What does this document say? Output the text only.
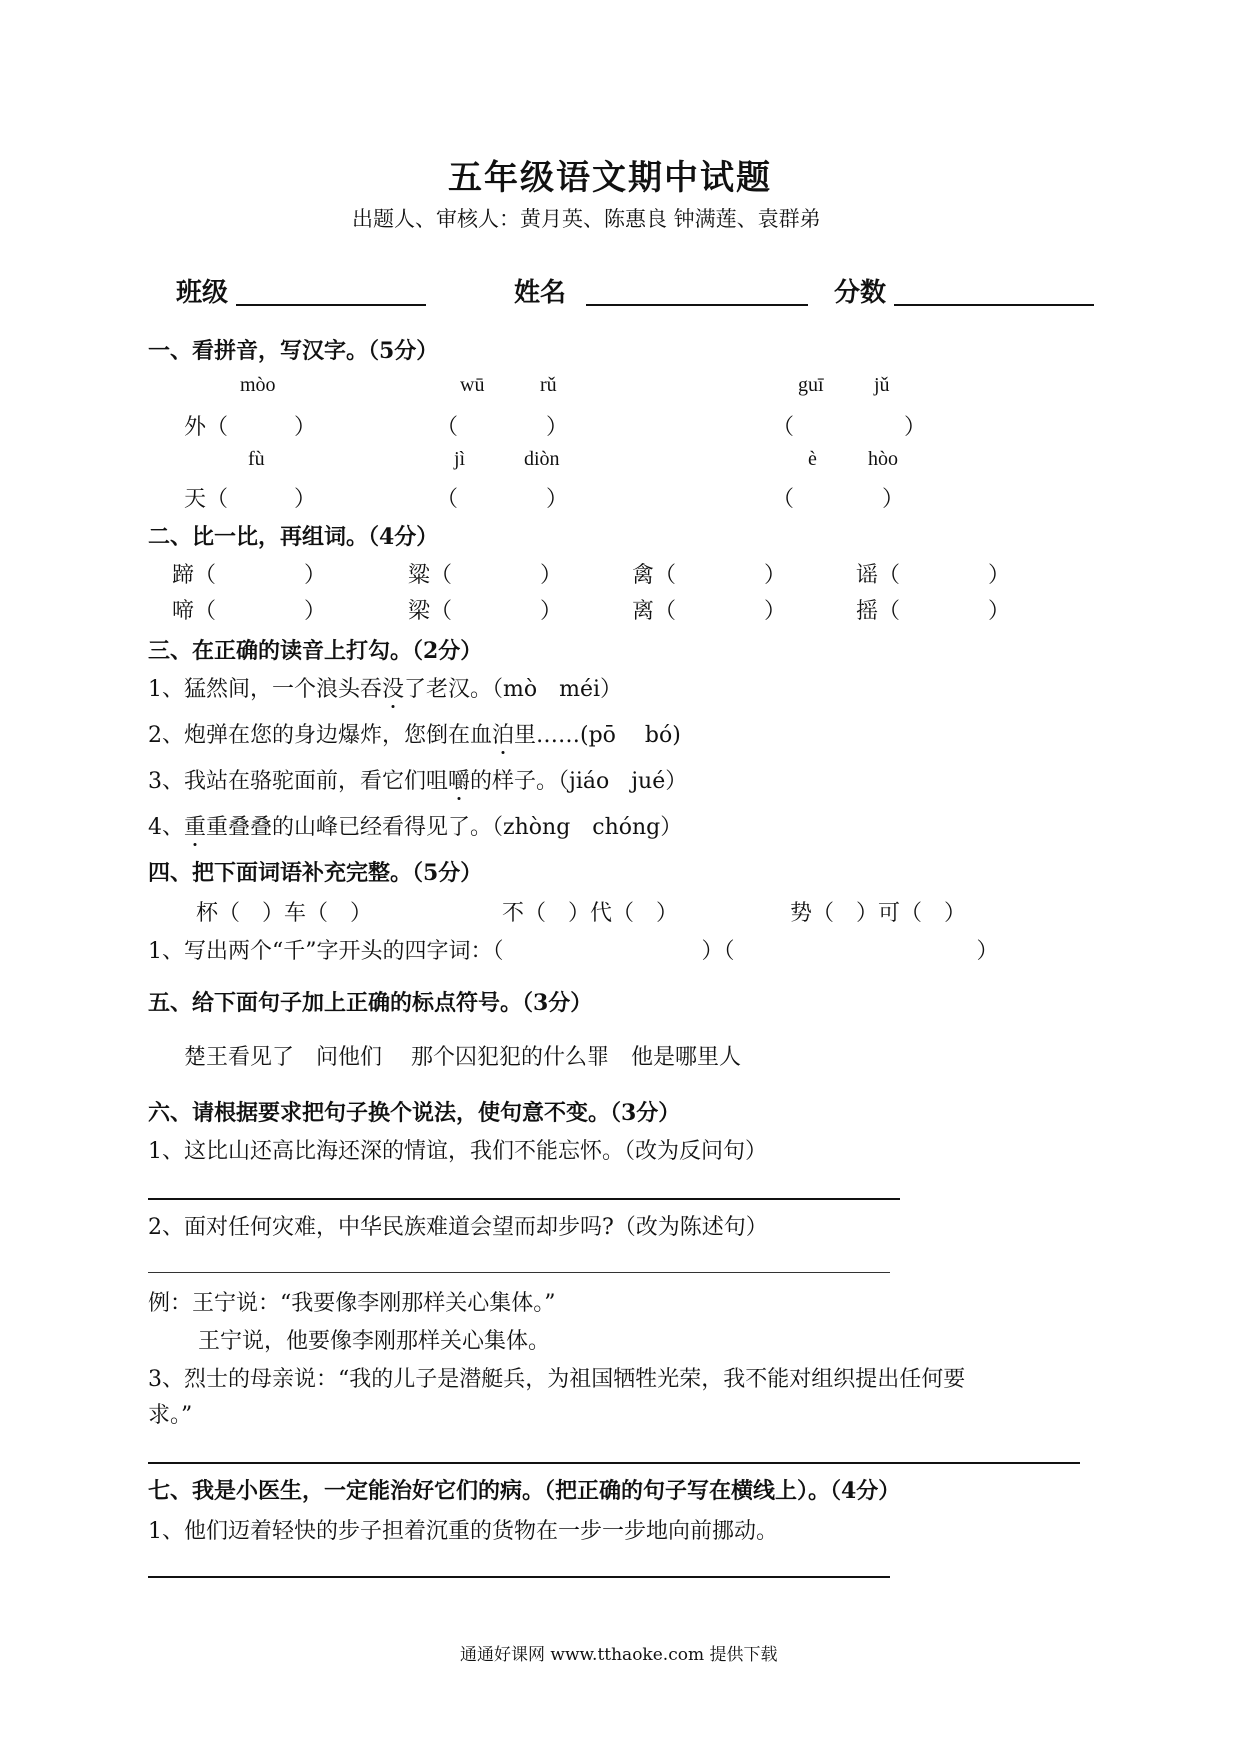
五年级语文期中试题
出题人、审核人：黄月英、陈惠良 钟满莲、袁群弟
班级	姓名	分数
一、看拼音，写汉字。（5分）
mòo	wū	rǔ	guī	jǔ
外（　　　）	（　　　　）	（　　　　　）
fù	jì	diòn	è	hòo
天（　　　）	（　　　　）	（　　　　）
二、比一比，再组词。（4分）
蹄（　　　　）	粱（　　　　）	禽（　　　　）	谣（　　　　）
啼（　　　　）	梁（　　　　）	离（　　　　）	摇（　　　　）
三、在正确的读音上打勾。（2分）
1、猛然间，一个浪头吞没了老汉。（mò　méi）
2、炮弹在您的身边爆炸，您倒在血泊里……(pō　 bó)
3、我站在骆驼面前，看它们咀嚼的样子。（jiáo　jué）
4、重重叠叠的山峰已经看得见了。（zhòng　chóng）
四、把下面词语补充完整。（5分）
杯（　）车（　）	不（　）代（　）	势（　）可（　）
1、写出两个“千”字开头的四字词：（　　　　　　　　　）（　　　　　　　　　　　）
五、给下面句子加上正确的标点符号。（3分）
楚王看见了　问他们　 那个囚犯犯的什么罪　他是哪里人
六、请根据要求把句子换个说法，使句意不变。（3分）
1、这比山还高比海还深的情谊，我们不能忘怀。（改为反问句）
2、面对任何灾难，中华民族难道会望而却步吗?（改为陈述句）
例：王宁说：“我要像李刚那样关心集体。”
王宁说，他要像李刚那样关心集体。
3、烈士的母亲说：“我的儿子是潜艇兵，为祖国牺牲光荣，我不能对组织提出任何要
求。”
七、我是小医生，一定能治好它们的病。（把正确的句子写在横线上）。（4分）
1、他们迈着轻快的步子担着沉重的货物在一步一步地向前挪动。
通通好课网 www.tthaoke.com 提供下载
